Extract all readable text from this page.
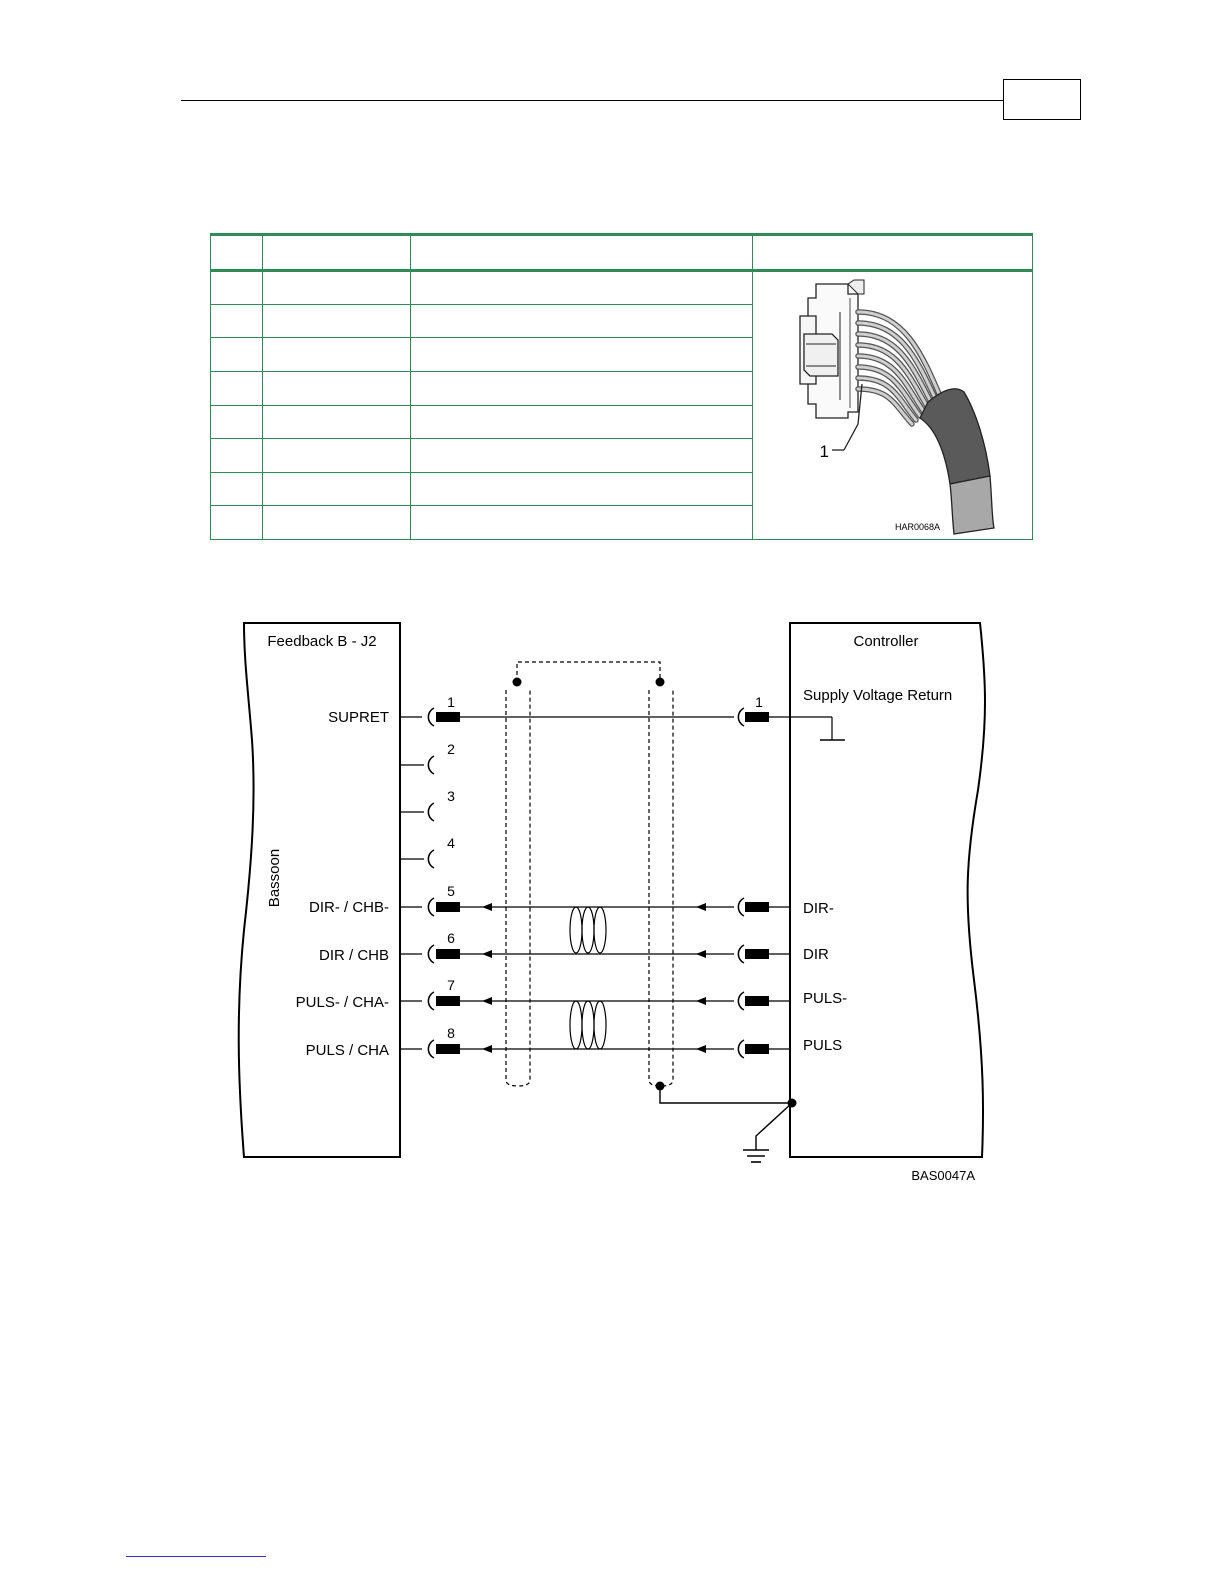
1
HAR0068A

Feedback B - J2
Bassoon
Controller
Supply Voltage Return
SUPRET
1	1
2
3
4
DIR- / CHB-
5
DIR-
DIR / CHB
6
DIR
PULS- / CHA-
7
PULS-
PULS / CHA
8
PULS
BAS0047A
